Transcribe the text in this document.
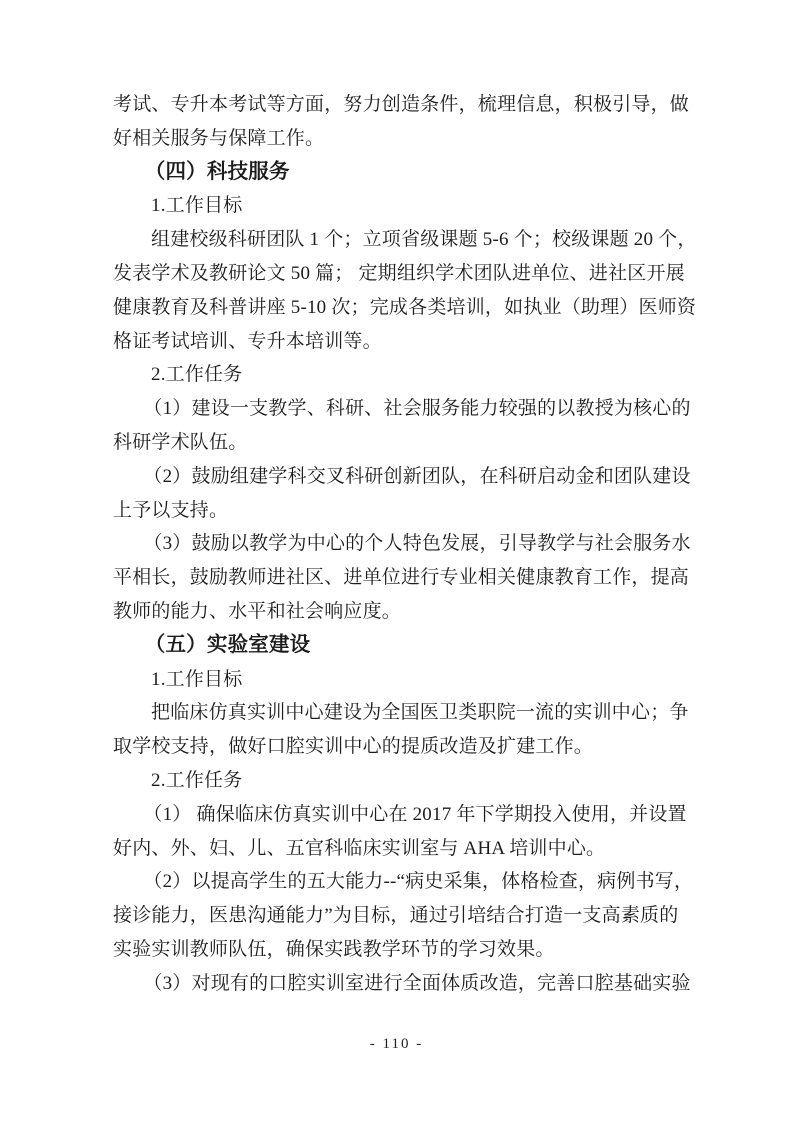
考试、专升本考试等方面，努力创造条件，梳理信息，积极引导，做
好相关服务与保障工作。
（四）科技服务
1.工作目标
组建校级科研团队 1 个；立项省级课题 5-6 个；校级课题 20 个，
发表学术及教研论文 50 篇； 定期组织学术团队进单位、进社区开展
健康教育及科普讲座 5-10 次；完成各类培训，如执业（助理）医师资
格证考试培训、专升本培训等。
2.工作任务
（1）建设一支教学、科研、社会服务能力较强的以教授为核心的
科研学术队伍。
（2）鼓励组建学科交叉科研创新团队，在科研启动金和团队建设
上予以支持。
（3）鼓励以教学为中心的个人特色发展，引导教学与社会服务水
平相长，鼓励教师进社区、进单位进行专业相关健康教育工作，提高
教师的能力、水平和社会响应度。
（五）实验室建设
1.工作目标
把临床仿真实训中心建设为全国医卫类职院一流的实训中心；争
取学校支持，做好口腔实训中心的提质改造及扩建工作。
2.工作任务
（1） 确保临床仿真实训中心在 2017 年下学期投入使用，并设置
好内、外、妇、儿、五官科临床实训室与 AHA 培训中心。
（2）以提高学生的五大能力--“病史采集，体格检查，病例书写，
接诊能力，医患沟通能力”为目标，通过引培结合打造一支高素质的
实验实训教师队伍，确保实践教学环节的学习效果。
（3）对现有的口腔实训室进行全面体质改造，完善口腔基础实验
- 110 -
